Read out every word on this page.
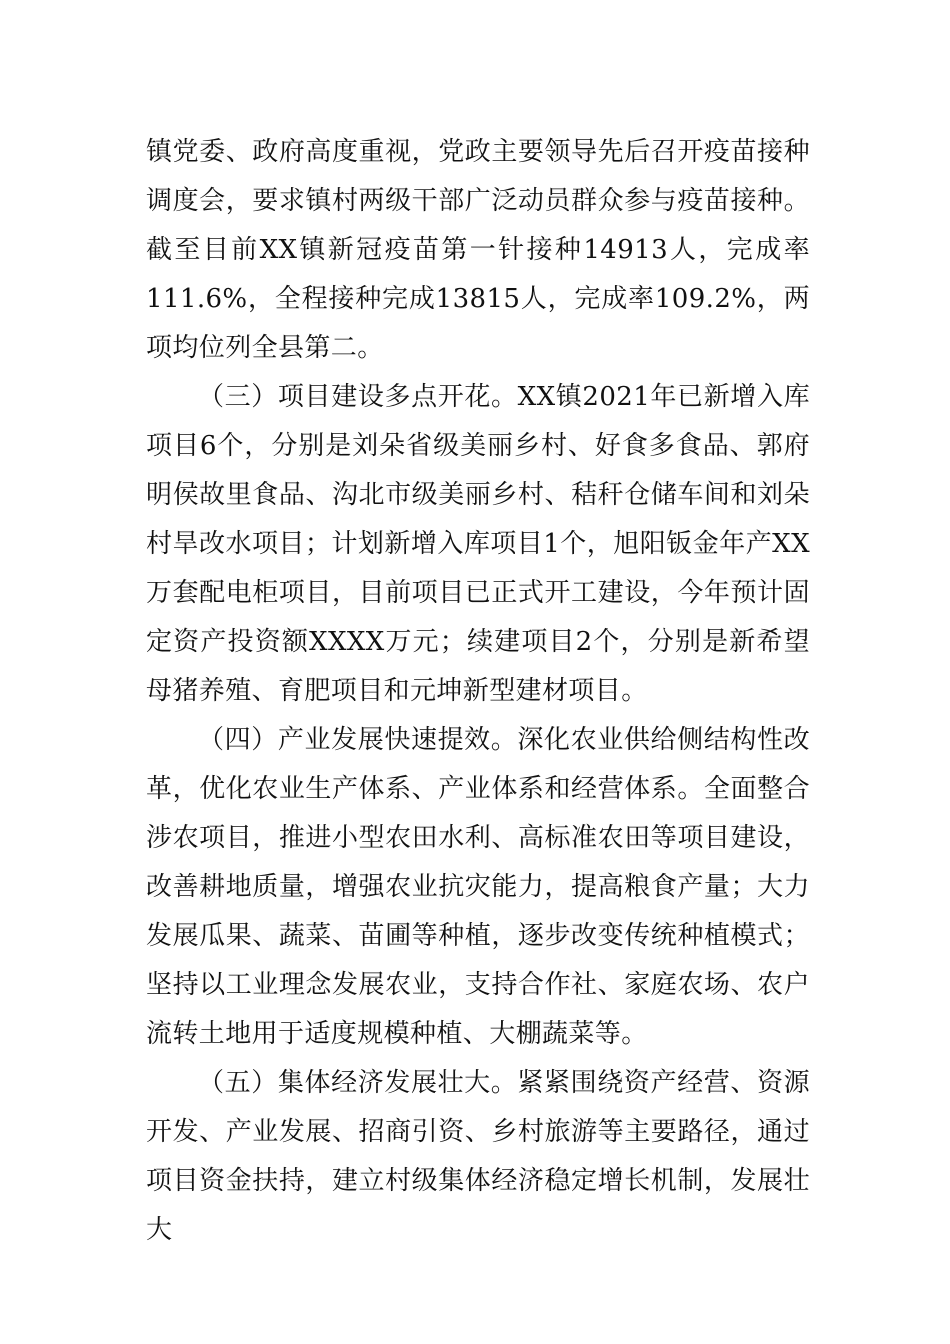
镇党委、政府高度重视，党政主要领导先后召开疫苗接种调度会，要求镇村两级干部广泛动员群众参与疫苗接种。截至目前XX镇新冠疫苗第一针接种14913人，完成率111.6%，全程接种完成13815人，完成率109.2%，两项均位列全县第二。

（三）项目建设多点开花。XX镇2021年已新增入库项目6个，分别是刘朵省级美丽乡村、好食多食品、郭府明侯故里食品、沟北市级美丽乡村、秸秆仓储车间和刘朵村旱改水项目；计划新增入库项目1个，旭阳钣金年产XX万套配电柜项目，目前项目已正式开工建设，今年预计固定资产投资额XXXX万元；续建项目2个，分别是新希望母猪养殖、育肥项目和元坤新型建材项目。

（四）产业发展快速提效。深化农业供给侧结构性改革，优化农业生产体系、产业体系和经营体系。全面整合涉农项目，推进小型农田水利、高标准农田等项目建设，改善耕地质量，增强农业抗灾能力，提高粮食产量；大力发展瓜果、蔬菜、苗圃等种植，逐步改变传统种植模式；坚持以工业理念发展农业，支持合作社、家庭农场、农户流转土地用于适度规模种植、大棚蔬菜等。

（五）集体经济发展壮大。紧紧围绕资产经营、资源开发、产业发展、招商引资、乡村旅游等主要路径，通过项目资金扶持，建立村级集体经济稳定增长机制，发展壮大
